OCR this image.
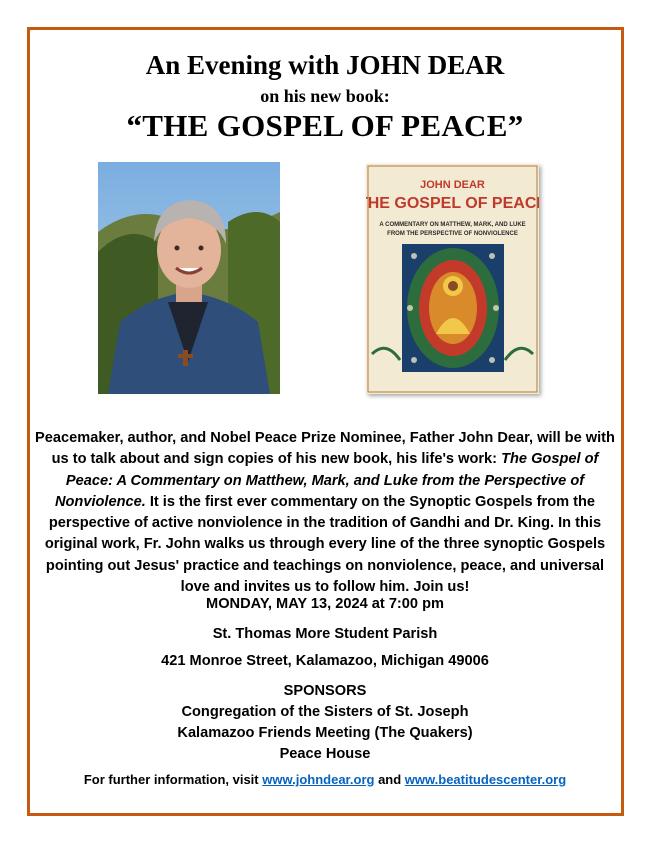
An Evening with JOHN DEAR
on his new book:
“THE GOSPEL OF PEACE”
JOHN DEAR
THE GOSPEL OF PEACE
A COMMENTARY ON MATTHEW, MARK, AND LUKE
FROM THE PERSPECTIVE OF NONVIOLENCE
Peacemaker, author, and Nobel Peace Prize Nominee, Father John Dear, will be with us to talk about and sign copies of his new book, his life's work: The Gospel of Peace: A Commentary on Matthew, Mark, and Luke from the Perspective of Nonviolence. It is the first ever commentary on the Synoptic Gospels from the perspective of active nonviolence in the tradition of Gandhi and Dr. King. In this original work, Fr. John walks us through every line of the three synoptic Gospels pointing out Jesus' practice and teachings on nonviolence, peace, and universal love and invites us to follow him. Join us!
MONDAY, MAY 13, 2024 at 7:00 pm
St. Thomas More Student Parish
421 Monroe Street, Kalamazoo, Michigan 49006
SPONSORS
Congregation of the Sisters of St. Joseph
Kalamazoo Friends Meeting (The Quakers)
Peace House
For further information, visit www.johndear.org and www.beatitudescenter.org
